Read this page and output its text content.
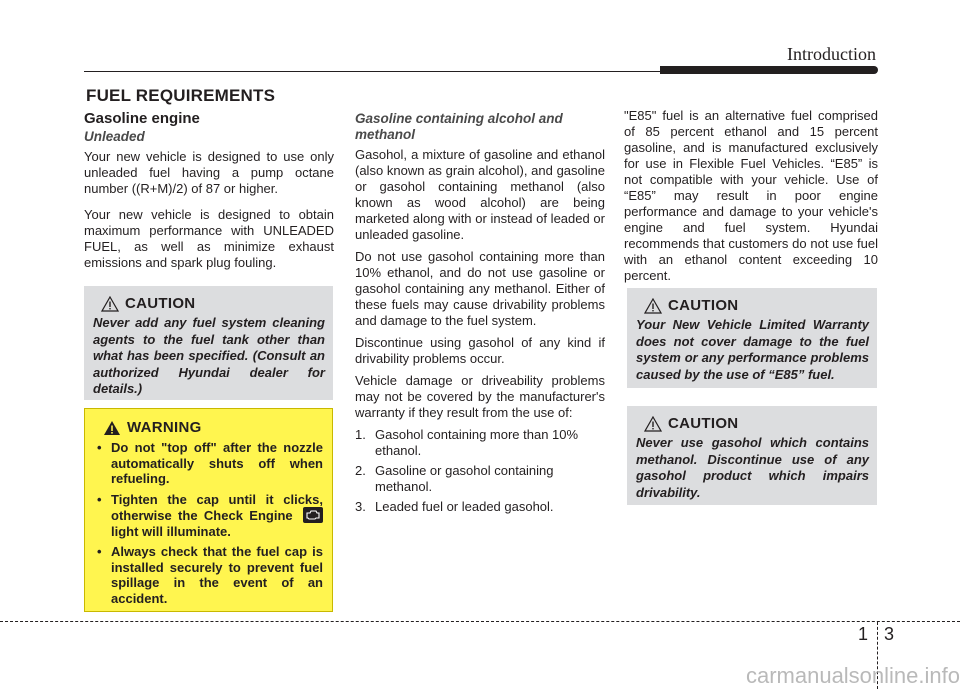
Introduction
FUEL REQUIREMENTS
Gasoline engine
Unleaded

Your new vehicle is designed to use only unleaded fuel having a pump octane number ((R+M)/2) of 87 or higher.

Your new vehicle is designed to obtain maximum performance with UNLEADED FUEL, as well as minimize exhaust emissions and spark plug fouling.

CAUTION
Never add any fuel system cleaning agents to the fuel tank other than what has been specified. (Consult an authorized Hyundai dealer for details.)
WARNING
• Do not "top off" after the nozzle automatically shuts off when refueling.
• Tighten the cap until it clicks, otherwise the Check Engine  light will illuminate.
• Always check that the fuel cap is installed securely to prevent fuel spillage in the event of an accident.
Gasoline containing alcohol and methanol

Gasohol, a mixture of gasoline and ethanol (also known as grain alcohol), and gasoline or gasohol containing methanol (also known as wood alcohol) are being marketed along with or instead of leaded or unleaded gasoline.

Do not use gasohol containing more than 10% ethanol, and do not use gasoline or gasohol containing any methanol. Either of these fuels may cause drivability problems and damage to the fuel system.

Discontinue using gasohol of any kind if drivability problems occur.

Vehicle damage or driveability problems may not be covered by the manufacturer's warranty if they result from the use of:

1. Gasohol containing more than 10% ethanol.
2. Gasoline or gasohol containing methanol.
3. Leaded fuel or leaded gasohol.

"E85" fuel is an alternative fuel comprised of 85 percent ethanol and 15 percent gasoline, and is manufactured exclusively for use in Flexible Fuel Vehicles. “E85” is not compatible with your vehicle. Use of “E85” may result in poor engine performance and damage to your vehicle's engine and fuel system. Hyundai recommends that customers do not use fuel with an ethanol content exceeding 10 percent.

CAUTION
Your New Vehicle Limited Warranty does not cover damage to the fuel system or any performance problems caused by the use of “E85” fuel.
CAUTION
Never use gasohol which contains methanol. Discontinue use of any gasohol product which impairs drivability.
1 3
carmanualsonline.info
